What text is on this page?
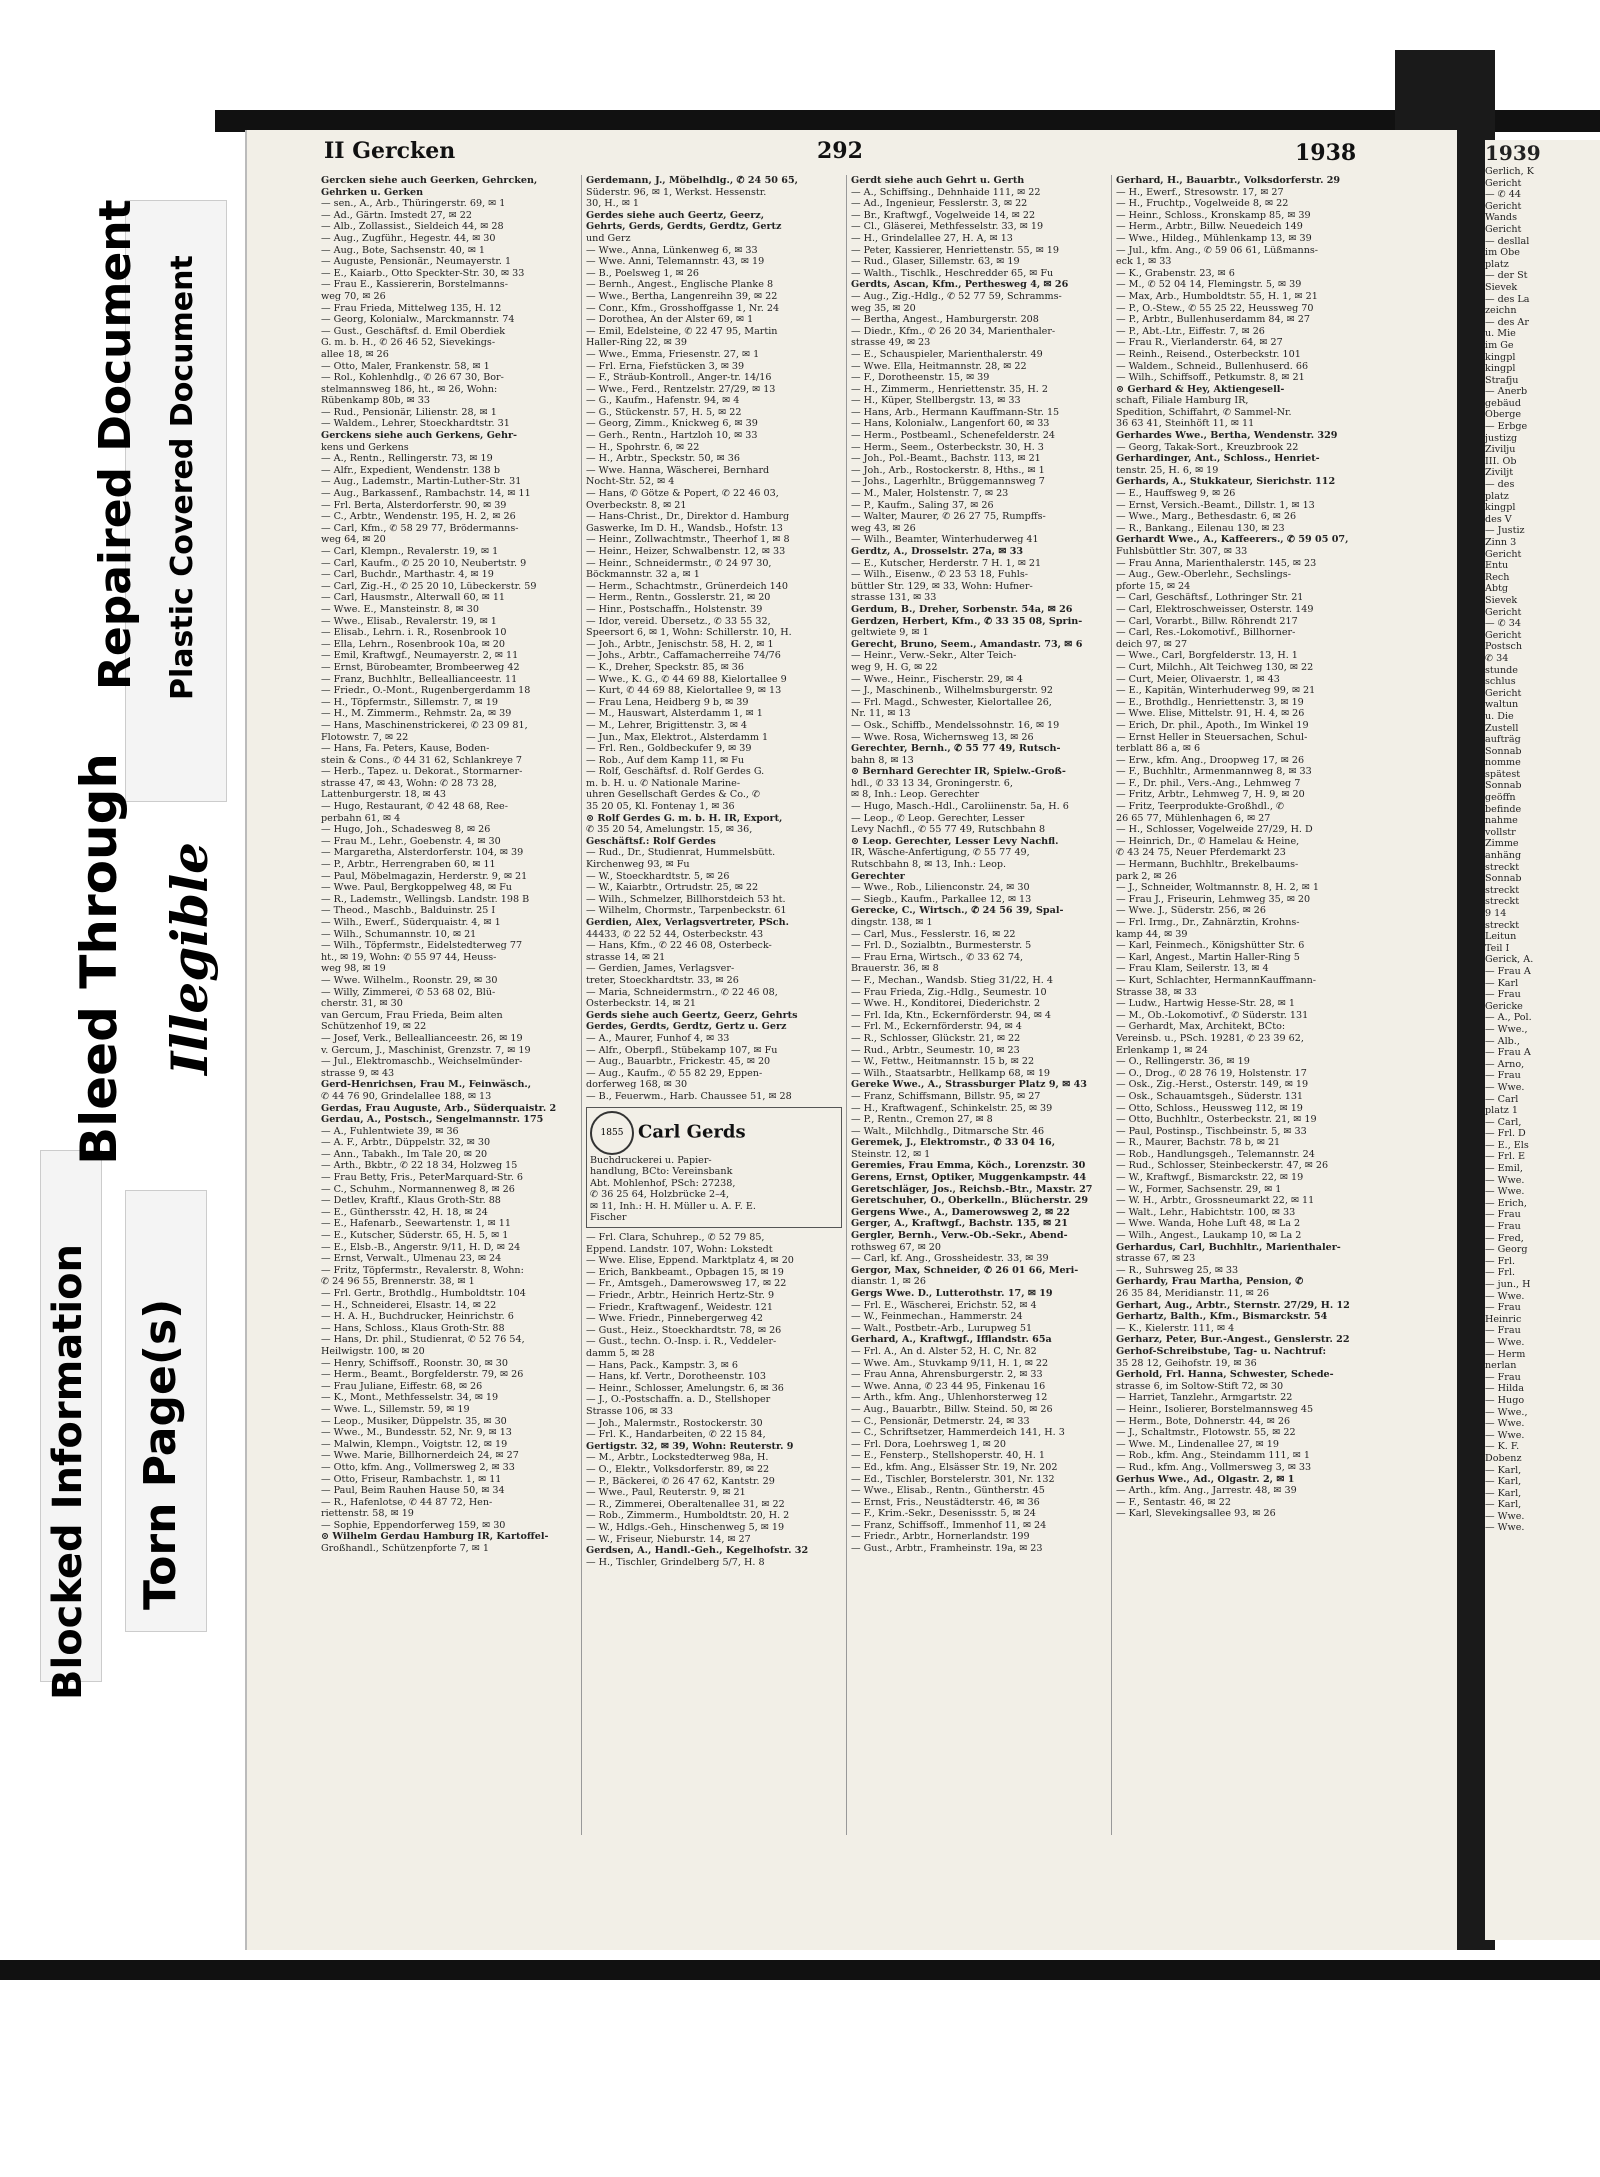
Blocked Information Torn Page(s)
Bleed Through Illegible
Repaired Document Plastic Covered Document
II Gercken	292	1938
Gercken siehe auch Geerken, Gehrcken,
Gehrken u. Gerken
— sen., A., Arb., Thüringerstr. 69, ✉ 1
— Ad., Gärtn. Imstedt 27, ✉ 22
— Alb., Zollassist., Sieldeich 44, ✉ 28
— Aug., Zugführ., Hegestr. 44, ✉ 30
— Aug., Bote, Sachsenstr. 40, ✉ 1
— Auguste, Pensionär., Neumayerstr. 1
— E., Kaiarb., Otto Speckter-Str. 30, ✉ 33
— Frau E., Kassiererin, Borstelmanns-
weg 70, ✉ 26
— Frau Frieda, Mittelweg 135, H. 12
— Georg, Kolonialw., Marckmannstr. 74
— Gust., Geschäftsf. d. Emil Oberdiek
G. m. b. H., ✆ 26 46 52, Sievekings-
allee 18, ✉ 26
— Otto, Maler, Frankenstr. 58, ✉ 1
— Rol., Kohlenhdlg., ✆ 26 67 30, Bor-
stelmannsweg 186, ht., ✉ 26, Wohn:
Rübenkamp 80b, ✉ 33
— Rud., Pensionär, Lilienstr. 28, ✉ 1
— Waldem., Lehrer, Stoeckhardtstr. 31
Gerckens siehe auch Gerkens, Gehr-
kens und Gerkens
— A., Rentn., Rellingerstr. 73, ✉ 19
— Alfr., Expedient, Wendenstr. 138 b
— Aug., Lademstr., Martin-Luther-Str. 31
— Aug., Barkassenf., Rambachstr. 14, ✉ 11
— Frl. Berta, Alsterdorferstr. 90, ✉ 39
— C., Arbtr., Wendenstr. 195, H. 2, ✉ 26
— Carl, Kfm., ✆ 58 29 77, Brödermanns-
weg 64, ✉ 20
— Carl, Klempn., Revalerstr. 19, ✉ 1
— Carl, Kaufm., ✆ 25 20 10, Neubertstr. 9
— Carl, Buchdr., Marthastr. 4, ✉ 19
— Carl, Zig.-H., ✆ 25 20 10, Lübeckerstr. 59
— Carl, Hausmstr., Alterwall 60, ✉ 11
— Wwe. E., Mansteinstr. 8, ✉ 30
— Wwe., Elisab., Revalerstr. 19, ✉ 1
— Elisab., Lehrn. i. R., Rosenbrook 10
— Ella, Lehrn., Rosenbrook 10a, ✉ 20
— Emil, Kraftwgf., Neumayerstr. 2, ✉ 11
— Ernst, Bürobeamter, Brombeerweg 42
— Franz, Buchhltr., Belleallianceestr. 11
— Friedr., O.-Mont., Rugenbergerdamm 18
— H., Töpfermstr., Sillemstr. 7, ✉ 19
— H., M. Zimmerm., Rehmstr. 2a, ✉ 39
— Hans, Maschinenstrickerei, ✆ 23 09 81,
Flotowstr. 7, ✉ 22
— Hans, Fa. Peters, Kause, Boden-
stein & Cons., ✆ 44 31 62, Schlankreye 7
— Herb., Tapez. u. Dekorat., Stormarner-
strasse 47, ✉ 43, Wohn: ✆ 28 73 28,
Lattenburgerstr. 18, ✉ 43
— Hugo, Restaurant, ✆ 42 48 68, Ree-
perbahn 61, ✉ 4
— Hugo, Joh., Schadesweg 8, ✉ 26
— Frau M., Lehr., Goebenstr. 4, ✉ 30
— Margaretha, Alsterdorferstr. 104, ✉ 39
— P., Arbtr., Herrengraben 60, ✉ 11
— Paul, Möbelmagazin, Herderstr. 9, ✉ 21
— Wwe. Paul, Bergkoppelweg 48, ✉ Fu
— R., Lademstr., Wellingsb. Landstr. 198 B
— Theod., Maschb., Balduinstr. 25 I
— Wilh., Ewerf., Süderquaistr. 4, ✉ 1
— Wilh., Schumannstr. 10, ✉ 21
— Wilh., Töpfermstr., Eidelstedterweg 77
ht., ✉ 19, Wohn: ✆ 55 97 44, Heuss-
weg 98, ✉ 19
— Wwe. Wilhelm., Roonstr. 29, ✉ 30
— Willy, Zimmerei, ✆ 53 68 02, Blü-
cherstr. 31, ✉ 30
van Gercum, Frau Frieda, Beim alten
Schützenhof 19, ✉ 22
— Josef, Verk., Belleallianceestr. 26, ✉ 19
v. Gercum, J., Maschinist, Grenzstr. 7, ✉ 19
— Jul., Elektromaschb., Weichselmünder-
strasse 9, ✉ 43
Gerd-Henrichsen, Frau M., Feinwäsch.,
✆ 44 76 90, Grindelallee 188, ✉ 13
Gerdas, Frau Auguste, Arb., Süderquaistr. 2
Gerdau, A., Postsch., Sengelmannstr. 175
— A., Fuhlentwiete 39, ✉ 36
— A. F., Arbtr., Düppelstr. 32, ✉ 30
— Ann., Tabakh., Im Tale 20, ✉ 20
— Arth., Bkbtr., ✆ 22 18 34, Holzweg 15
— Frau Betty, Fris., PeterMarquard-Str. 6
— C., Schuhm., Normannenweg 8, ✉ 26
— Detlev, Kraftf., Klaus Groth-Str. 88
— E., Günthersstr. 42, H. 18, ✉ 24
— E., Hafenarb., Seewartenstr. 1, ✉ 11
— E., Kutscher, Süderstr. 65, H. 5, ✉ 1
— E., Elsb.-B., Angerstr. 9/11, H. D, ✉ 24
— Ernst, Verwalt., Ulmenau 23, ✉ 24
— Fritz, Töpfermstr., Revalerstr. 8, Wohn:
✆ 24 96 55, Brennerstr. 38, ✉ 1
— Frl. Gertr., Brothdlg., Humboldtstr. 104
— H., Schneiderei, Elsastr. 14, ✉ 22
— H. A. H., Buchdrucker, Heinrichstr. 6
— Hans, Schloss., Klaus Groth-Str. 88
— Hans, Dr. phil., Studienrat, ✆ 52 76 54,
Heilwigstr. 100, ✉ 20
— Henry, Schiffsoff., Roonstr. 30, ✉ 30
— Herm., Beamt., Borgfelderstr. 79, ✉ 26
— Frau Juliane, Eiffestr. 68, ✉ 26
— K., Mont., Methfesselstr. 34, ✉ 19
— Wwe. L., Sillemstr. 59, ✉ 19
— Leop., Musiker, Düppelstr. 35, ✉ 30
— Wwe., M., Bundesstr. 52, Nr. 9, ✉ 13
— Malwin, Klempn., Voigtstr. 12, ✉ 19
— Wwe. Marie, Billhornerdeich 24, ✉ 27
— Otto, kfm. Ang., Vollmersweg 2, ✉ 33
— Otto, Friseur, Rambachstr. 1, ✉ 11
— Paul, Beim Rauhen Hause 50, ✉ 34
— R., Hafenlotse, ✆ 44 87 72, Hen-
riettenstr. 58, ✉ 19
— Sophie, Eppendorferweg 159, ✉ 30
⊙ Wilhelm Gerdau Hamburg IR, Kartoffel-
Großhandl., Schützenpforte 7, ✉ 1
Gerdemann, J., Möbelhdlg., ✆ 24 50 65,
Süderstr. 96, ✉ 1, Werkst. Hessenstr.
30, H., ✉ 1
Gerdes siehe auch Geertz, Geerz,
Gehrts, Gerds, Gerdts, Gerdtz, Gertz
und Gerz
— Wwe., Anna, Lünkenweg 6, ✉ 33
— Wwe. Anni, Telemannstr. 43, ✉ 19
— B., Poelsweg 1, ✉ 26
— Bernh., Angest., Englische Planke 8
— Wwe., Bertha, Langenreihn 39, ✉ 22
— Conr., Kfm., Grosshoffgasse 1, Nr. 24
— Dorothea, An der Alster 69, ✉ 1
— Emil, Edelsteine, ✆ 22 47 95, Martin
Haller-Ring 22, ✉ 39
— Wwe., Emma, Friesenstr. 27, ✉ 1
— Frl. Erna, Fiefstücken 3, ✉ 39
— F., Sträub-Kontroll., Anger-tr. 14/16
— Wwe., Ferd., Rentzelstr. 27/29, ✉ 13
— G., Kaufm., Hafenstr. 94, ✉ 4
— G., Stückenstr. 57, H. 5, ✉ 22
— Georg, Zimm., Knickweg 6, ✉ 39
— Gerh., Rentn., Hartzloh 10, ✉ 33
— H., Spohrstr. 6, ✉ 22
— H., Arbtr., Speckstr. 50, ✉ 36
— Wwe. Hanna, Wäscherei, Bernhard
Nocht-Str. 52, ✉ 4
— Hans, ✆ Götze & Popert, ✆ 22 46 03,
Overbeckstr. 8, ✉ 21
— Hans-Christ., Dr., Direktor d. Hamburg
Gaswerke, Im D. H., Wandsb., Hofstr. 13
— Heinr., Zollwachtmstr., Theerhof 1, ✉ 8
— Heinr., Heizer, Schwalbenstr. 12, ✉ 33
— Heinr., Schneidermstr., ✆ 24 97 30,
Böckmannstr. 32 a, ✉ 1
— Herm., Schachtmstr., Grünerdeich 140
— Herm., Rentn., Gosslerstr. 21, ✉ 20
— Hinr., Postschaffn., Holstenstr. 39
— Idor, vereid. Übersetz., ✆ 33 55 32,
Speersort 6, ✉ 1, Wohn: Schillerstr. 10, H.
— Joh., Arbtr., Jenischstr. 58, H. 2, ✉ 1
— Johs., Arbtr., Caffamacherreihe 74/76
— K., Dreher, Speckstr. 85, ✉ 36
— Wwe., K. G., ✆ 44 69 88, Kielortallee 9
— Kurt, ✆ 44 69 88, Kielortallee 9, ✉ 13
— Frau Lena, Heidberg 9 b, ✉ 39
— M., Hauswart, Alsterdamm 1, ✉ 1
— M., Lehrer, Brigittenstr. 3, ✉ 4
— Jun., Max, Elektrot., Alsterdamm 1
— Frl. Ren., Goldbeckufer 9, ✉ 39
— Rob., Auf dem Kamp 11, ✉ Fu
— Rolf, Geschäftsf. d. Rolf Gerdes G.
m. b. H. u. ✆ Nationale Marine-
uhren Gesellschaft Gerdes & Co., ✆
35 20 05, Kl. Fontenay 1, ✉ 36
⊙ Rolf Gerdes G. m. b. H. IR, Export,
✆ 35 20 54, Amelungstr. 15, ✉ 36,
Geschäftsf.: Rolf Gerdes
— Rud., Dr., Studienrat, Hummelsbütt.
Kirchenweg 93, ✉ Fu
— W., Stoeckhardtstr. 5, ✉ 26
— W., Kaiarbtr., Ortrudstr. 25, ✉ 22
— Wilh., Schmelzer, Billhorstdeich 53 ht.
— Wilhelm, Chormstr., Tarpenbeckstr. 61
Gerdien, Alex, Verlagsvertreter, PSch.
44433, ✆ 22 52 44, Osterbeckstr. 43
— Hans, Kfm., ✆ 22 46 08, Osterbeck-
strasse 14, ✉ 21
— Gerdien, James, Verlagsver-
treter, Stoeckhardtstr. 33, ✉ 26
— Maria, Schneidermstrn., ✆ 22 46 08,
Osterbeckstr. 14, ✉ 21
Gerds siehe auch Geertz, Geerz, Gehrts
Gerdes, Gerdts, Gerdtz, Gertz u. Gerz
— A., Maurer, Funhof 4, ✉ 33
— Alfr., Oberpfl., Stübekamp 107, ✉ Fu
— Aug., Bauarbtr., Frickestr. 45, ✉ 20
— Aug., Kaufm., ✆ 55 82 29, Eppen-
dorferweg 168, ✉ 30
— B., Feuerwm., Harb. Chaussee 51, ✉ 28
1855 Carl Gerds
Buchdruckerei u. Papier-
handlung, BCto: Vereinsbank
Abt. Mohlenhof, PSch: 27238,
✆ 36 25 64, Holzbrücke 2–4,
✉ 11, Inh.: H. H. Müller u. A. F. E.
Fischer
— Frl. Clara, Schuhrep., ✆ 52 79 85,
Eppend. Landstr. 107, Wohn: Lokstedt
— Wwe. Elise, Eppend. Marktplatz 4, ✉ 20
— Erich, Bankbeamt., Opbagen 15, ✉ 19
— Fr., Amtsgeh., Damerowsweg 17, ✉ 22
— Friedr., Arbtr., Heinrich Hertz-Str. 9
— Friedr., Kraftwagenf., Weidestr. 121
— Wwe. Friedr., Pinnebergerweg 42
— Gust., Heiz., Stoeckhardtstr. 78, ✉ 26
— Gust., techn. O.-Insp. i. R., Veddeler-
damm 5, ✉ 28
— Hans, Pack., Kampstr. 3, ✉ 6
— Hans, kf. Vertr., Dorotheenstr. 103
— Heinr., Schlosser, Amelungstr. 6, ✉ 36
— J., O.-Postschaffn. a. D., Stellshoper
Strasse 106, ✉ 33
— Joh., Malermstr., Rostockerstr. 30
— Frl. K., Handarbeiten, ✆ 22 15 84,
Gertigstr. 32, ✉ 39, Wohn: Reuterstr. 9
— M., Arbtr., Lockstedterweg 98a, H.
— O., Elektr., Volksdorferstr. 89, ✉ 22
— P., Bäckerei, ✆ 26 47 62, Kantstr. 29
— Wwe., Paul, Reuterstr. 9, ✉ 21
— R., Zimmerei, Oberaltenallee 31, ✉ 22
— Rob., Zimmerm., Humboldtstr. 20, H. 2
— W., Hdlgs.-Geh., Hinschenweg 5, ✉ 19
— W., Friseur, Nieburstr. 14, ✉ 27
Gerdsen, A., Handl.-Geh., Kegelhofstr. 32
— H., Tischler, Grindelberg 5/7, H. 8
Gerdt siehe auch Gehrt u. Gerth
— A., Schiffsing., Dehnhaide 111, ✉ 22
— Ad., Ingenieur, Fesslerstr. 3, ✉ 22
— Br., Kraftwgf., Vogelweide 14, ✉ 22
— Cl., Gläserei, Methfesselstr. 33, ✉ 19
— H., Grindelallee 27, H. A, ✉ 13
— Peter, Kassierer, Henriettenstr. 55, ✉ 19
— Rud., Glaser, Sillemstr. 63, ✉ 19
— Walth., Tischlk., Heschredder 65, ✉ Fu
Gerdts, Ascan, Kfm., Perthesweg 4, ✉ 26
— Aug., Zig.-Hdlg., ✆ 52 77 59, Schramms-
weg 35, ✉ 20
— Bertha, Angest., Hamburgerstr. 208
— Diedr., Kfm., ✆ 26 20 34, Marienthaler-
strasse 49, ✉ 23
— E., Schauspieler, Marienthalerstr. 49
— Wwe. Ella, Heitmannstr. 28, ✉ 22
— F., Dorotheenstr. 15, ✉ 39
— H., Zimmerm., Henriettenstr. 35, H. 2
— H., Küper, Stellbergstr. 13, ✉ 33
— Hans, Arb., Hermann Kauffmann-Str. 15
— Hans, Kolonialw., Langenfort 60, ✉ 33
— Herm., Postbeaml., Schenefelderstr. 24
— Herm., Seem., Osterbeckstr. 30, H. 3
— Joh., Pol.-Beamt., Bachstr. 113, ✉ 21
— Joh., Arb., Rostockerstr. 8, Hths., ✉ 1
— Johs., Lagerhltr., Brüggemannsweg 7
— M., Maler, Holstenstr. 7, ✉ 23
— P., Kaufm., Saling 37, ✉ 26
— Walter, Maurer, ✆ 26 27 75, Rumpffs-
weg 43, ✉ 26
— Wilh., Beamter, Winterhuderweg 41
Gerdtz, A., Drosselstr. 27a, ✉ 33
— E., Kutscher, Herderstr. 7 H. 1, ✉ 21
— Wilh., Eisenw., ✆ 23 53 18, Fuhls-
büttler Str. 129, ✉ 33, Wohn: Hufner-
strasse 131, ✉ 33
Gerdum, B., Dreher, Sorbenstr. 54a, ✉ 26
Gerdzen, Herbert, Kfm., ✆ 33 35 08, Sprin-
geltwiete 9, ✉ 1
Gerecht, Bruno, Seem., Amandastr. 73, ✉ 6
— Heinr., Verw.-Sekr., Alter Teich-
weg 9, H. G, ✉ 22
— Wwe., Heinr., Fischerstr. 29, ✉ 4
— J., Maschinenb., Wilhelmsburgerstr. 92
— Frl. Magd., Schwester, Kielortallee 26,
Nr. 11, ✉ 13
— Osk., Schiffb., Mendelssohnstr. 16, ✉ 19
— Wwe. Rosa, Wichernsweg 13, ✉ 26
Gerechter, Bernh., ✆ 55 77 49, Rutsch-
bahn 8, ✉ 13
⊙ Bernhard Gerechter IR, Spielw.-Groß-
hdl., ✆ 33 13 34, Groningerstr. 6,
✉ 8, Inh.: Leop. Gerechter
— Hugo, Masch.-Hdl., Caroliinenstr. 5a, H. 6
— Leop., ✆ Leop. Gerechter, Lesser
Levy Nachfl., ✆ 55 77 49, Rutschbahn 8
⊙ Leop. Gerechter, Lesser Levy Nachfl.
IR, Wäsche-Anfertigung, ✆ 55 77 49,
Rutschbahn 8, ✉ 13, Inh.: Leop.
Gerechter
— Wwe., Rob., Lilienconstr. 24, ✉ 30
— Siegb., Kaufm., Parkallee 12, ✉ 13
Gerecke, C., Wirtsch., ✆ 24 56 39, Spal-
dingstr. 138, ✉ 1
— Carl, Mus., Fesslerstr. 16, ✉ 22
— Frl. D., Sozialbtn., Burmesterstr. 5
— Frau Erna, Wirtsch., ✆ 33 62 74,
Brauerstr. 36, ✉ 8
— F., Mechan., Wandsb. Stieg 31/22, H. 4
— Frau Frieda, Zig.-Hdlg., Seumestr. 10
— Wwe. H., Konditorei, Diederichstr. 2
— Frl. Ida, Ktn., Eckernförderstr. 94, ✉ 4
— Frl. M., Eckernförderstr. 94, ✉ 4
— R., Schlosser, Glückstr. 21, ✉ 22
— Rud., Arbtr., Seumestr. 10, ✉ 23
— W., Fettw., Heitmannstr. 15 b, ✉ 22
— Wilh., Staatsarbtr., Hellkamp 68, ✉ 19
Gereke Wwe., A., Strassburger Platz 9, ✉ 43
— Franz, Schiffsmann, Billstr. 95, ✉ 27
— H., Kraftwagenf., Schinkelstr. 25, ✉ 39
— P., Rentn., Cremon 27, ✉ 8
— Walt., Milchhdlg., Ditmarsche Str. 46
Geremek, J., Elektromstr., ✆ 33 04 16,
Steinstr. 12, ✉ 1
Geremies, Frau Emma, Köch., Lorenzstr. 30
Gerens, Ernst, Optiker, Muggenkampstr. 44
Geretschläger, Jos., Reichsb.-Btr., Maxstr. 27
Geretschuher, O., Oberkelln., Blücherstr. 29
Gergens Wwe., A., Damerowsweg 2, ✉ 22
Gerger, A., Kraftwgf., Bachstr. 135, ✉ 21
Gergler, Bernh., Verw.-Ob.-Sekr., Abend-
rothsweg 67, ✉ 20
— Carl, kf. Ang., Grossheidestr. 33, ✉ 39
Gergor, Max, Schneider, ✆ 26 01 66, Meri-
dianstr. 1, ✉ 26
Gergs Wwe. D., Lutterothstr. 17, ✉ 19
— Frl. E., Wäscherei, Erichstr. 52, ✉ 4
— W., Feinmechan., Hammerstr. 24
— Walt., Postbetr.-Arb., Lurupweg 51
Gerhard, A., Kraftwgf., Ifflandstr. 65a
— Frl. A., An d. Alster 52, H. C, Nr. 82
— Wwe. Am., Stuvkamp 9/11, H. 1, ✉ 22
— Frau Anna, Ahrensburgerstr. 2, ✉ 33
— Wwe. Anna, ✆ 23 44 95, Finkenau 16
— Arth., kfm. Ang., Uhlenhorsterweg 12
— Aug., Bauarbtr., Billw. Steind. 50, ✉ 26
— C., Pensionär, Detmerstr. 24, ✉ 33
— C., Schriftsetzer, Hammerdeich 141, H. 3
— Frl. Dora, Loehrsweg 1, ✉ 20
— E., Fensterp., Stellshoperstr. 40, H. 1
— Ed., kfm. Ang., Elsässer Str. 19, Nr. 202
— Ed., Tischler, Borstelerstr. 301, Nr. 132
— Wwe., Elisab., Rentn., Güntherstr. 45
— Ernst, Fris., Neustädterstr. 46, ✉ 36
— F., Krim.-Sekr., Desenissstr. 5, ✉ 24
— Franz, Schiffsoff., Immenhof 11, ✉ 24
— Friedr., Arbtr., Hornerlandstr. 199
— Gust., Arbtr., Framheinstr. 19a, ✉ 23
Gerhard, H., Bauarbtr., Volksdorferstr. 29
— H., Ewerf., Stresowstr. 17, ✉ 27
— H., Fruchtp., Vogelweide 8, ✉ 22
— Heinr., Schloss., Kronskamp 85, ✉ 39
— Herm., Arbtr., Billw. Neuedeich 149
— Wwe., Hildeg., Mühlenkamp 13, ✉ 39
— Jul., kfm. Ang., ✆ 59 06 61, Lüßmanns-
eck 1, ✉ 33
— K., Grabenstr. 23, ✉ 6
— M., ✆ 52 04 14, Flemingstr. 5, ✉ 39
— Max, Arb., Humboldtstr. 55, H. 1, ✉ 21
— P., O.-Stew., ✆ 55 25 22, Heussweg 70
— P., Arbtr., Bullenhuserdamm 84, ✉ 27
— P., Abt.-Ltr., Eiffestr. 7, ✉ 26
— Frau R., Vierlanderstr. 64, ✉ 27
— Reinh., Reisend., Osterbeckstr. 101
— Waldem., Schneid., Bullenhuserd. 66
— Wilh., Schiffsoff., Petkumstr. 8, ✉ 21
⊙ Gerhard & Hey, Aktiengesell-
schaft, Filiale Hamburg IR,
Spedition, Schiffahrt, ✆ Sammel-Nr.
36 63 41, Steinhöft 11, ✉ 11
Gerhardes Wwe., Bertha, Wendenstr. 329
— Georg, Takak-Sort., Kreuzbrook 22
Gerhardinger, Ant., Schloss., Henriet-
tenstr. 25, H. 6, ✉ 19
Gerhards, A., Stukkateur, Sierichstr. 112
— E., Hauffsweg 9, ✉ 26
— Ernst, Versich.-Beamt., Dillstr. 1, ✉ 13
— Wwe., Marg., Bethesdastr. 6, ✉ 26
— R., Bankang., Eilenau 130, ✉ 23
Gerhardt Wwe., A., Kaffeerers., ✆ 59 05 07,
Fuhlsbüttler Str. 307, ✉ 33
— Frau Anna, Marienthalerstr. 145, ✉ 23
— Aug., Gew.-Oberlehr., Sechslings-
pforte 15, ✉ 24
— Carl, Geschäftsf., Lothringer Str. 21
— Carl, Elektroschweisser, Osterstr. 149
— Carl, Vorarbt., Billw. Röhrendt 217
— Carl, Res.-Lokomotivf., Billhorner-
deich 97, ✉ 27
— Wwe., Carl, Borgfelderstr. 13, H. 1
— Curt, Milchh., Alt Teichweg 130, ✉ 22
— Curt, Meier, Olivaerstr. 1, ✉ 43
— E., Kapitän, Winterhuderweg 99, ✉ 21
— E., Brothdlg., Henriettenstr. 3, ✉ 19
— Wwe. Elise, Mittelstr. 91, H. 4, ✉ 26
— Erich, Dr. phil., Apoth., Im Winkel 19
— Ernst Heller in Steuersachen, Schul-
terblatt 86 a, ✉ 6
— Erw., kfm. Ang., Droopweg 17, ✉ 26
— F., Buchhltr., Armenmannweg 8, ✉ 33
— F., Dr. phil., Vers.-Ang., Lehmweg 7
— Fritz, Arbtr., Lehmweg 7, H. 9, ✉ 20
— Fritz, Teerprodukte-Großhdl., ✆
26 65 77, Mühlenhagen 6, ✉ 27
— H., Schlosser, Vogelweide 27/29, H. D
— Heinrich, Dr., ✆ Hamelau & Heine,
✆ 43 24 75, Neuer Pferdemarkt 23
— Hermann, Buchhltr., Brekelbaums-
park 2, ✉ 26
— J., Schneider, Woltmannstr. 8, H. 2, ✉ 1
— Frau J., Friseurin, Lehmweg 35, ✉ 20
— Wwe. J., Süderstr. 256, ✉ 26
— Frl. Irmg., Dr., Zahnärztin, Krohns-
kamp 44, ✉ 39
— Karl, Feinmech., Königshütter Str. 6
— Karl, Angest., Martin Haller-Ring 5
— Frau Klam, Seilerstr. 13, ✉ 4
— Kurt, Schlachter, HermannKauffmann-
Strasse 38, ✉ 33
— Ludw., Hartwig Hesse-Str. 28, ✉ 1
— M., Ob.-Lokomotivf., ✆ Süderstr. 131
— Gerhardt, Max, Architekt, BCto:
Vereinsb. u., PSch. 19281, ✆ 23 39 62,
Erlenkamp 1, ✉ 24
— O., Rellingerstr. 36, ✉ 19
— O., Drog., ✆ 28 76 19, Holstenstr. 17
— Osk., Zig.-Herst., Osterstr. 149, ✉ 19
— Osk., Schauamtsgeh., Süderstr. 131
— Otto, Schloss., Heussweg 112, ✉ 19
— Otto, Buchhltr., Osterbeckstr. 21, ✉ 19
— Paul, Postinsp., Tischbeinstr. 5, ✉ 33
— R., Maurer, Bachstr. 78 b, ✉ 21
— Rob., Handlungsgeh., Telemannstr. 24
— Rud., Schlosser, Steinbeckerstr. 47, ✉ 26
— W., Kraftwgf., Bismarckstr. 22, ✉ 19
— W., Former, Sachsenstr. 29, ✉ 1
— W. H., Arbtr., Grossneumarkt 22, ✉ 11
— Walt., Lehr., Habichtstr. 100, ✉ 33
— Wwe. Wanda, Hohe Luft 48, ✉ La 2
— Wilh., Angest., Laukamp 10, ✉ La 2
Gerhardus, Carl, Buchhltr., Marienthaler-
strasse 67, ✉ 23
— R., Suhrsweg 25, ✉ 33
Gerhardy, Frau Martha, Pension, ✆
26 35 84, Meridianstr. 11, ✉ 26
Gerhart, Aug., Arbtr., Sternstr. 27/29, H. 12
Gerhartz, Balth., Kfm., Bismarckstr. 54
— K., Kielerstr. 111, ✉ 4
Gerharz, Peter, Bur.-Angest., Genslerstr. 22
Gerhof-Schreibstube, Tag- u. Nachtruf:
35 28 12, Geihofstr. 19, ✉ 36
Gerhold, Frl. Hanna, Schwester, Schede-
strasse 6, im Soltow-Stift 72, ✉ 30
— Harriet, Tanzlehr., Armgartstr. 22
— Heinr., Isolierer, Borstelmannsweg 45
— Herm., Bote, Dohnerstr. 44, ✉ 26
— J., Schaltmstr., Flotowstr. 55, ✉ 22
— Wwe. M., Lindenallee 27, ✉ 19
— Rob., kfm. Ang., Steindamm 111, ✉ 1
— Rud., kfm. Ang., Vollmersweg 3, ✉ 33
Gerhus Wwe., Ad., Olgastr. 2, ✉ 1
— Arth., kfm. Ang., Jarrestr. 48, ✉ 39
— F., Sentastr. 46, ✉ 22
— Karl, Slevekingsallee 93, ✉ 26
1939
Gerlich, K
Gericht
— ✆ 44
Gericht
Wands
Gericht
— desllal
im Obe
platz
— der St
Sievek
— des La
zeichn
— des Ar
u. Mie
im Ge
kingpl
kingpl
Strafju
— Anerb
gebäud
Oberge
— Erbge
justizg
Zivilju
III. Ob
Ziviljt
— des
platz
kingpl
des V
— Justiz
Zinn 3
Gericht
Entu
Rech
Abtg
Sievek
Gericht
— ✆ 34
Gericht
Postsch
✆ 34
stunde
schlus
Gericht
waltun
u. Die
Zustell
aufträg
Sonnab
nomme
spätest
Sonnab
geöffn
befinde
nahme
vollstr
Zimme
anhäng
streckt
Sonnab
streckt
streckt
9 14
streckt
Leitun
Teil I
Gerick, A.
— Frau A
— Karl
— Frau
Gericke
— A., Pol.
— Wwe.,
— Alb.,
— Frau A
— Arno,
— Frau
— Wwe.
— Carl
platz 1
— Carl,
— Frl. D
— E., Els
— Frl. E
— Emil,
— Wwe.
— Wwe.
— Erich,
— Frau
— Frau
— Fred,
— Georg
— Frl.
— Frl.
— jun., H
— Wwe.
— Frau
Heinric
— Frau
— Wwe.
— Herm
nerlan
— Frau
— Hilda
— Hugo
— Wwe.,
— Wwe.
— Wwe.
— K. F.
Dobenz
— Karl,
— Karl,
— Karl,
— Karl,
— Wwe.
— Wwe.
